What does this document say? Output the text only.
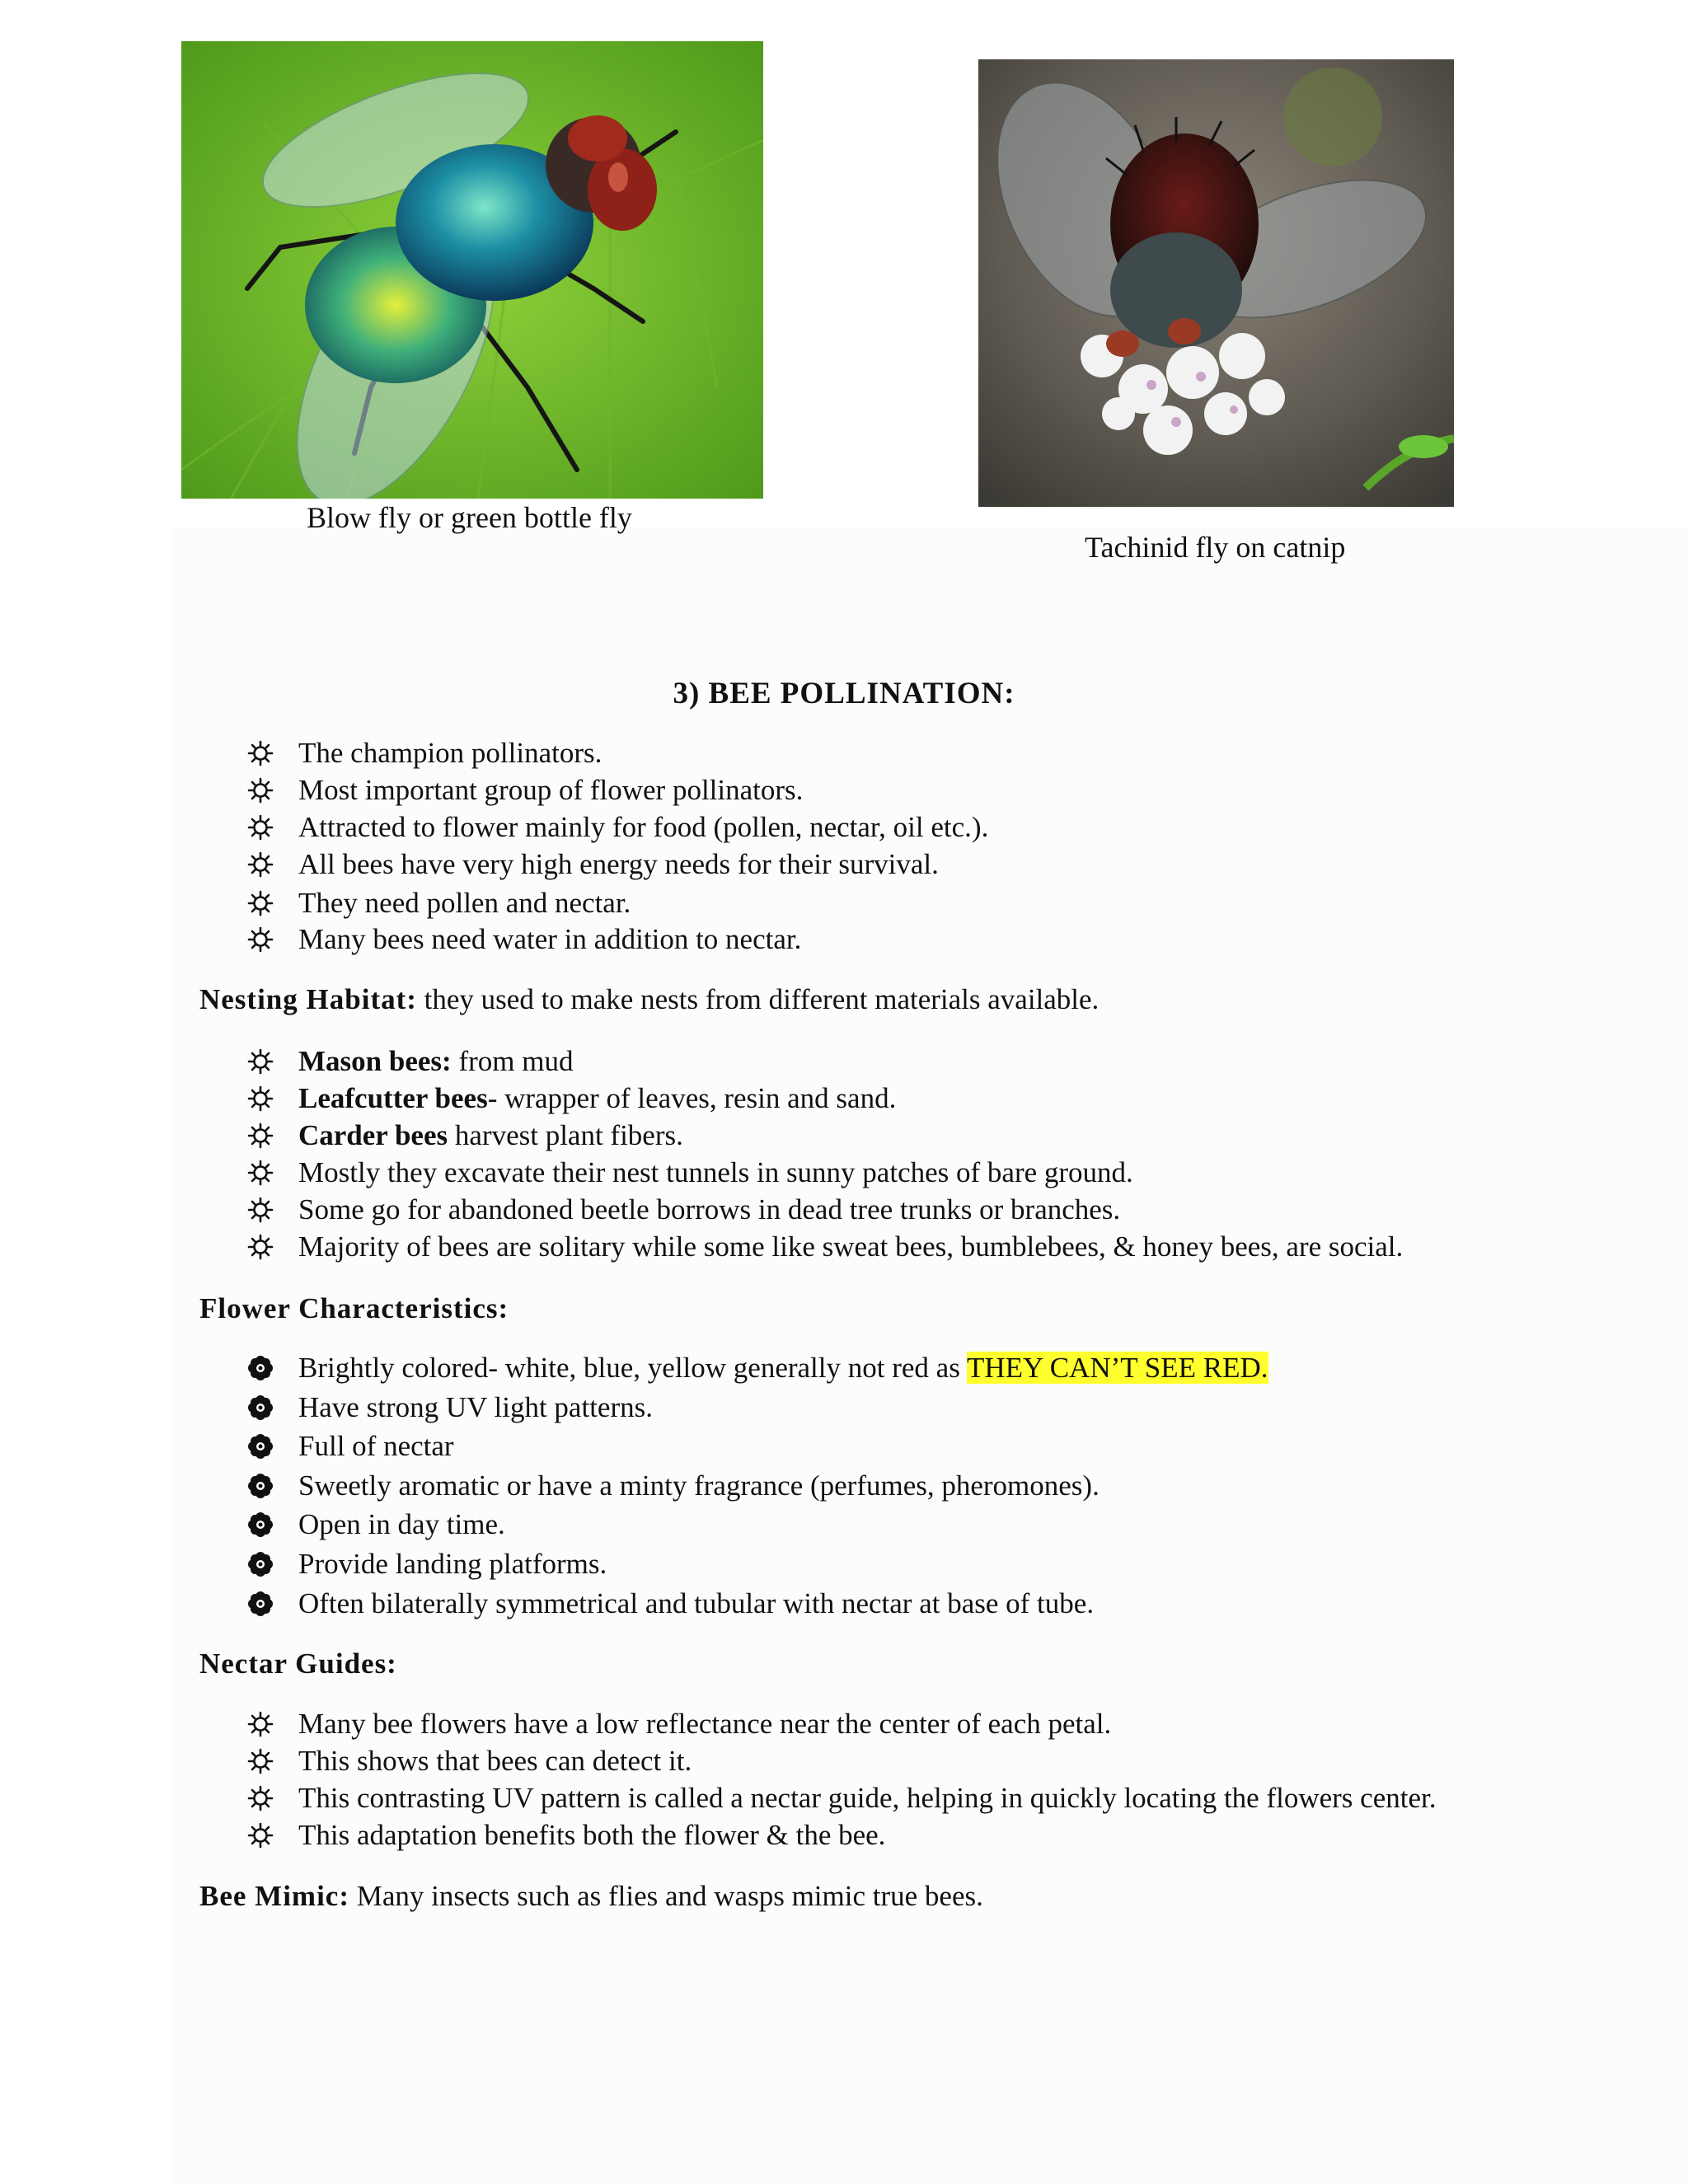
Blow fly or green bottle fly
Tachinid fly on catnip
3) BEE POLLINATION:
The champion pollinators.
Most important group of flower pollinators.
Attracted to flower mainly for food (pollen, nectar, oil etc.).
All bees have very high energy needs for their survival.
They need pollen and nectar.
Many bees need water in addition to nectar.
Nesting Habitat: they used to make nests from different materials available.
Mason bees: from mud
Leafcutter bees- wrapper of leaves, resin and sand.
Carder bees harvest plant fibers.
Mostly they excavate their nest tunnels in sunny patches of bare ground.
Some go for abandoned beetle borrows in dead tree trunks or branches.
Majority of bees are solitary while some like sweat bees, bumblebees, & honey bees, are social.
Flower Characteristics:
Brightly colored- white, blue, yellow generally not red as THEY CAN’T SEE RED.
Have strong UV light patterns.
Full of nectar
Sweetly aromatic or have a minty fragrance (perfumes, pheromones).
Open in day time.
Provide landing platforms.
Often bilaterally symmetrical and tubular with nectar at base of tube.
Nectar Guides:
Many bee flowers have a low reflectance near the center of each petal.
This shows that bees can detect it.
This contrasting UV pattern is called a nectar guide, helping in quickly locating the flowers center.
This adaptation benefits both the flower & the bee.
Bee Mimic: Many insects such as flies and wasps mimic true bees.
